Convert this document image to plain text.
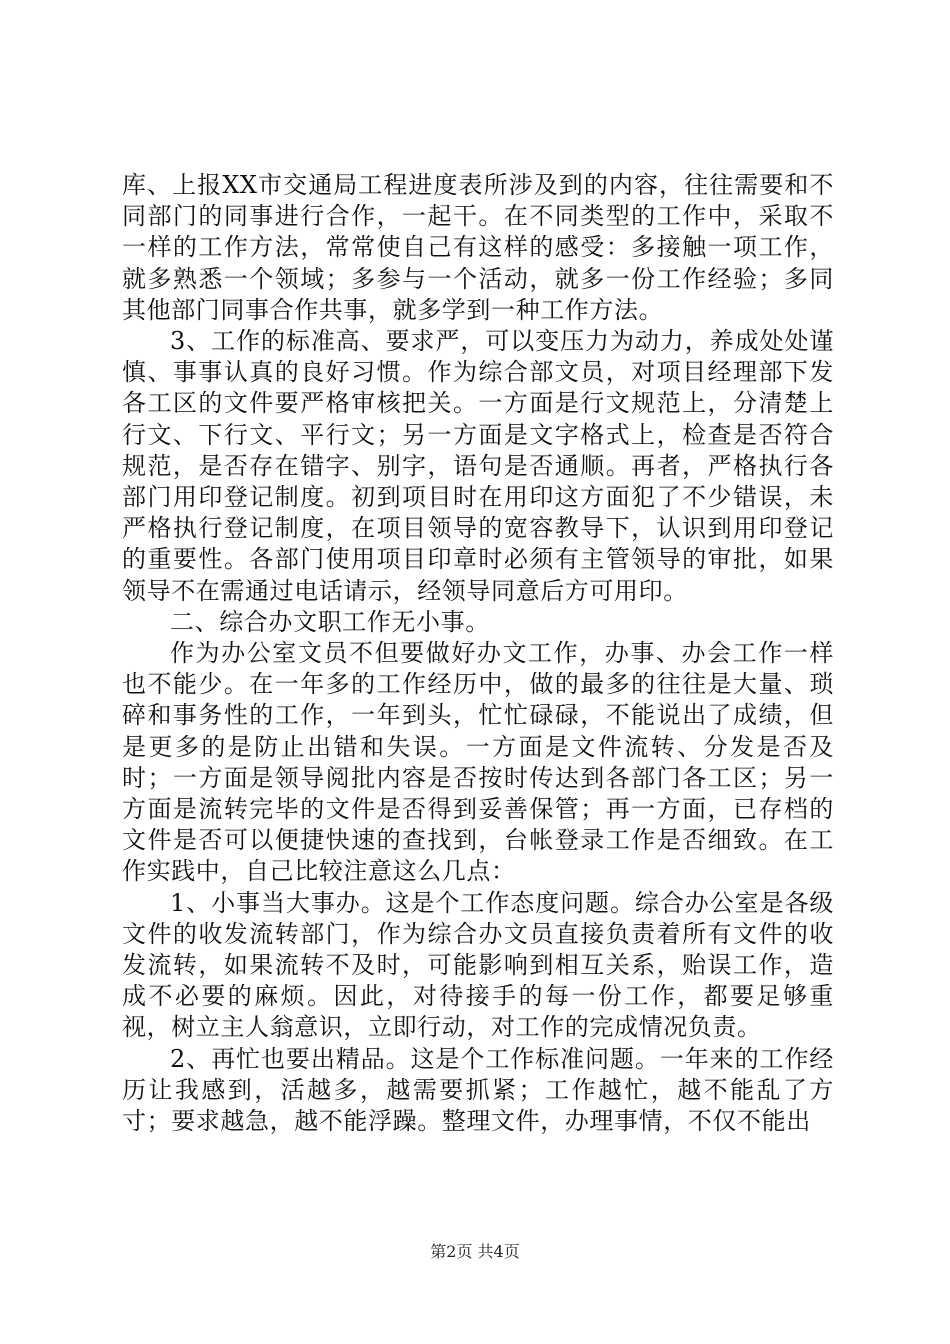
库、上报XX市交通局工程进度表所涉及到的内容，往往需要和不同部门的同事进行合作，一起干。在不同类型的工作中，采取不一样的工作方法，常常使自己有这样的感受：多接触一项工作，就多熟悉一个领域；多参与一个活动，就多一份工作经验；多同其他部门同事合作共事，就多学到一种工作方法。

3、工作的标准高、要求严，可以变压力为动力，养成处处谨慎、事事认真的良好习惯。作为综合部文员，对项目经理部下发各工区的文件要严格审核把关。一方面是行文规范上，分清楚上行文、下行文、平行文；另一方面是文字格式上，检查是否符合规范，是否存在错字、别字，语句是否通顺。再者，严格执行各部门用印登记制度。初到项目时在用印这方面犯了不少错误，未严格执行登记制度，在项目领导的宽容教导下，认识到用印登记的重要性。各部门使用项目印章时必须有主管领导的审批，如果领导不在需通过电话请示，经领导同意后方可用印。

二、综合办文职工作无小事。

作为办公室文员不但要做好办文工作，办事、办会工作一样也不能少。在一年多的工作经历中，做的最多的往往是大量、琐碎和事务性的工作，一年到头，忙忙碌碌，不能说出了成绩，但是更多的是防止出错和失误。一方面是文件流转、分发是否及时；一方面是领导阅批内容是否按时传达到各部门各工区；另一方面是流转完毕的文件是否得到妥善保管；再一方面，已存档的文件是否可以便捷快速的查找到，台帐登录工作是否细致。在工作实践中，自己比较注意这么几点：

1、小事当大事办。这是个工作态度问题。综合办公室是各级文件的收发流转部门，作为综合办文员直接负责着所有文件的收发流转，如果流转不及时，可能影响到相互关系，贻误工作，造成不必要的麻烦。因此，对待接手的每一份工作，都要足够重视，树立主人翁意识，立即行动，对工作的完成情况负责。

2、再忙也要出精品。这是个工作标准问题。一年来的工作经历让我感到，活越多，越需要抓紧；工作越忙，越不能乱了方寸；要求越急，越不能浮躁。整理文件，办理事情，不仅不能出

第2页 共4页
